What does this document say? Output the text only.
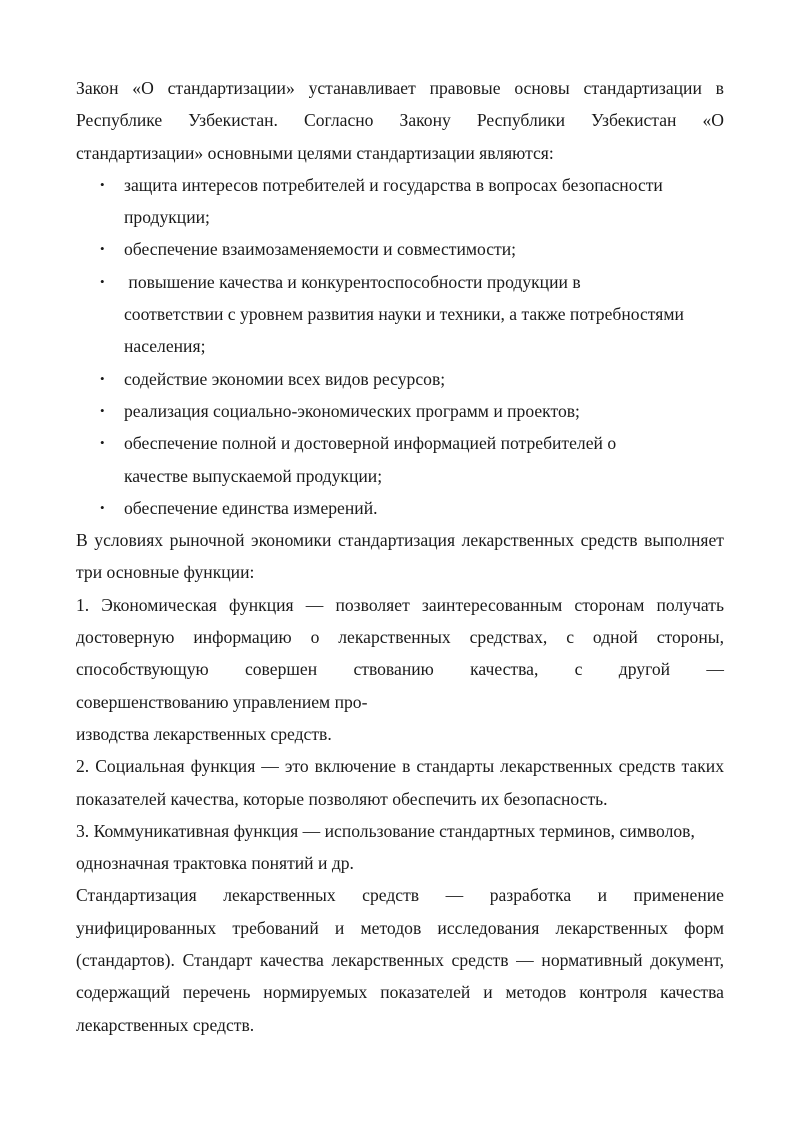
Закон «О стандартизации» устанавливает правовые основы стандартизации в Республике Узбекистан. Согласно Закону Республики Узбекистан «О стандартизации» основными целями стандартизации являются:

• защита интересов потребителей и государства в вопросах безопасности продукции;
• обеспечение взаимозаменяемости и совместимости;
• повышение качества и конкурентоспособности продукции в соответствии с уровнем развития науки и техники, а также потребностями населения;
• содействие экономии всех видов ресурсов;
• реализация социально-экономических программ и проектов;
• обеспечение полной и достоверной информацией потребителей о качестве выпускаемой продукции;
• обеспечение единства измерений.

В условиях рыночной экономики стандартизация лекарственных средств выполняет три основные функции:

1. Экономическая функция — позволяет заинтересованным сторонам получать достоверную информацию о лекарственных средствах, с одной стороны, способствующую совершен ствованию качества, с другой —

совершенствованию управлением про-
изводства лекарственных средств.

2. Социальная функция — это включение в стандарты лекарственных средств таких показателей качества, которые позволяют обеспечить их безопасность.

3. Коммуникативная функция — использование стандартных терминов, символов, однозначная трактовка понятий и др.

Стандартизация лекарственных средств — разработка и применение унифицированных требований и методов исследования лекарственных форм (стандартов). Стандарт качества лекарственных средств — нормативный документ, содержащий перечень нормируемых показателей и методов контроля качества лекарственных средств.
